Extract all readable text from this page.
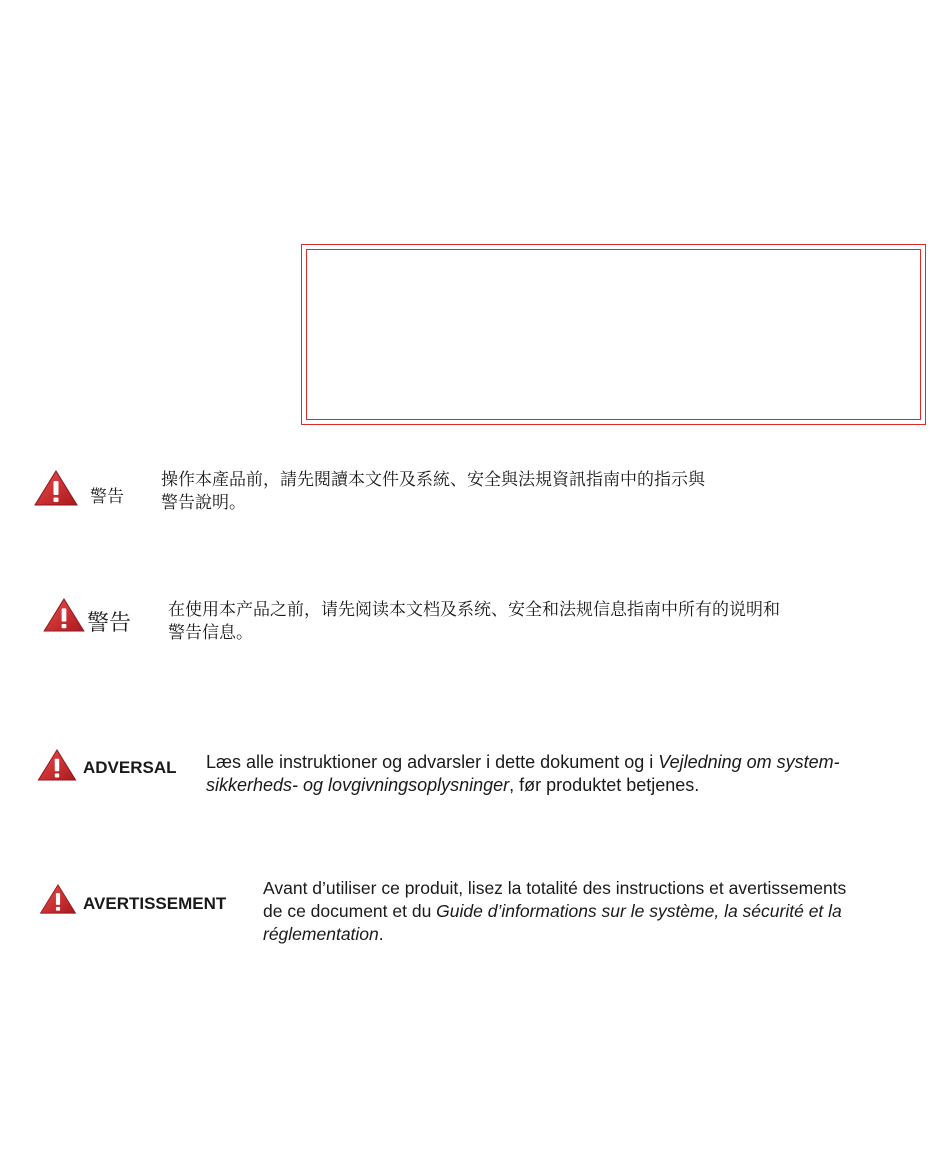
警告
操作本產品前，請先閱讀本文件及系統、安全與法規資訊指南中的指示與
警告說明。
警告
在使用本产品之前，请先阅读本文档及系统、安全和法规信息指南中所有的说明和
警告信息。
ADVERSAL Læs alle instruktioner og advarsler i dette dokument og i Vejledning om system-
sikkerheds- og lovgivningsoplysninger, før produktet betjenes.
AVERTISSEMENT
Avant d’utiliser ce produit, lisez la totalité des instructions et avertissements
de ce document et du Guide d’informations sur le système, la sécurité et la
réglementation.
